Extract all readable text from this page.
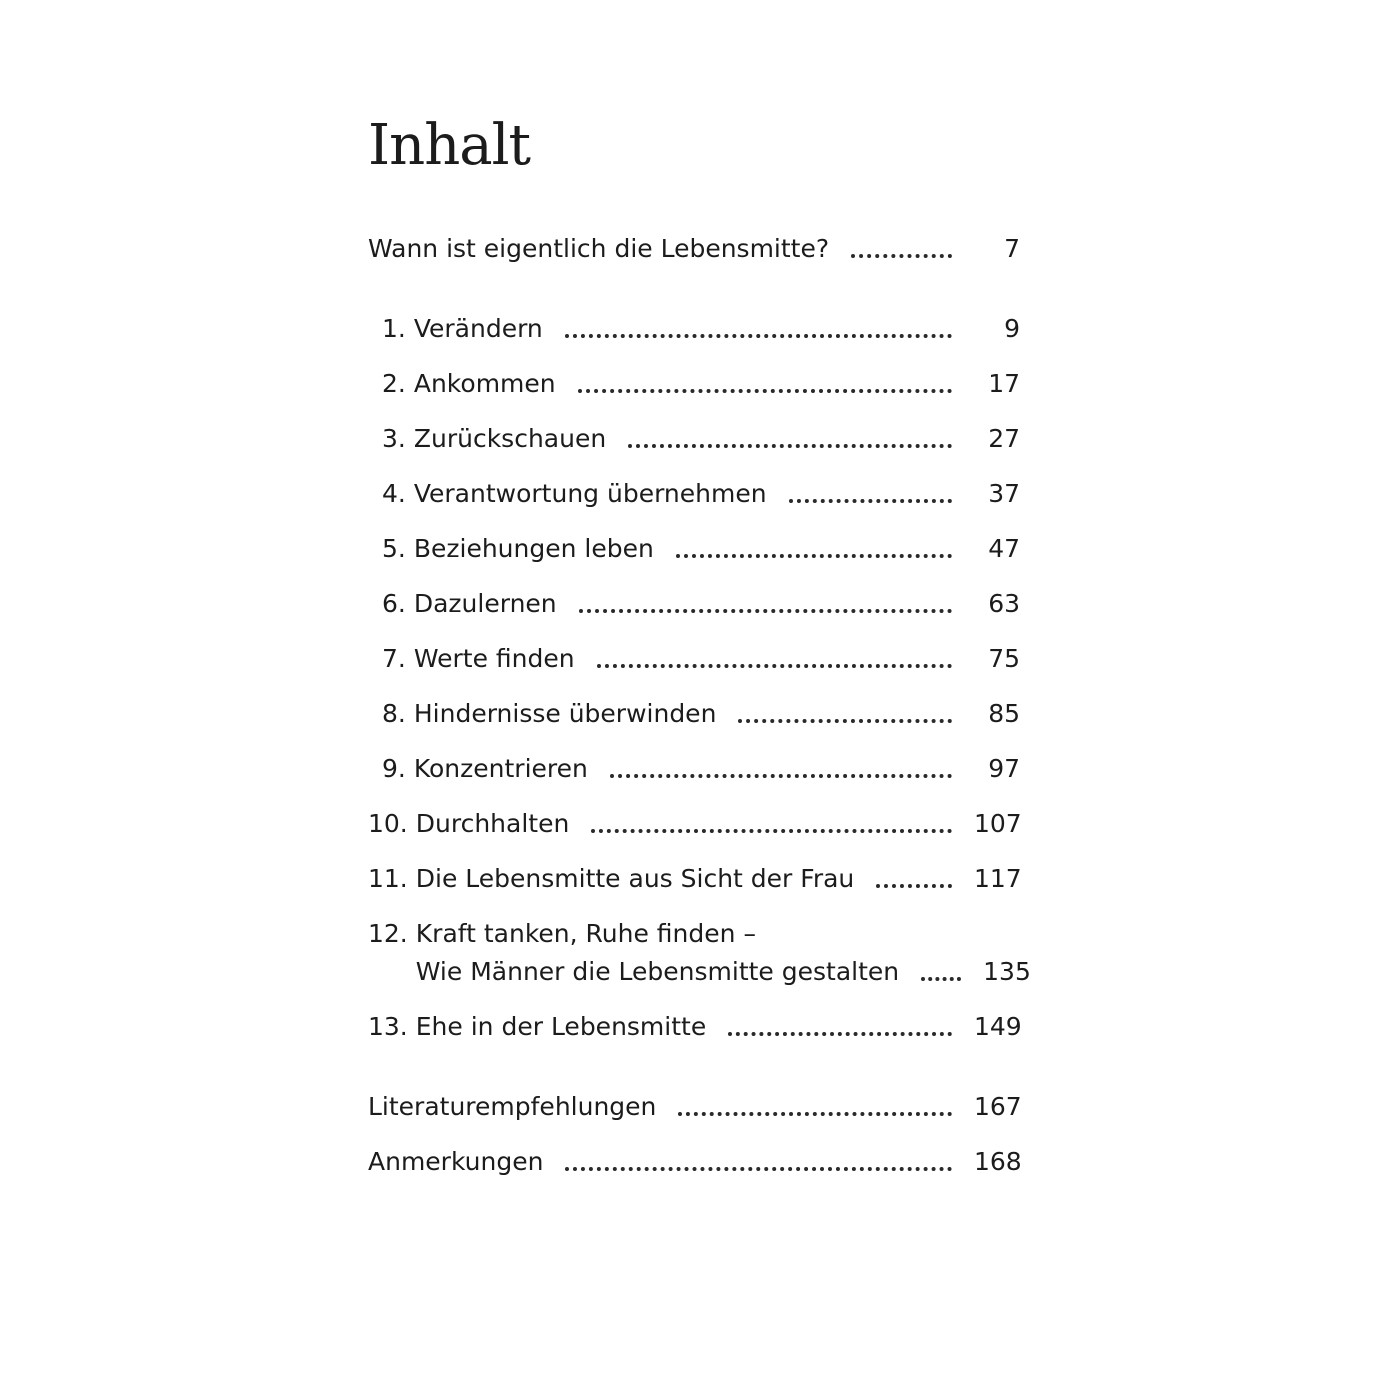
Inhalt
Wann ist eigentlich die Lebensmitte?	7
1. Verändern	9
2. Ankommen	17
3. Zurückschauen	27
4. Verantwortung übernehmen	37
5. Beziehungen leben	47
6. Dazulernen	63
7. Werte finden	75
8. Hindernisse überwinden	85
9. Konzentrieren	97
10. Durchhalten	107
11. Die Lebensmitte aus Sicht der Frau	117
12. Kraft tanken, Ruhe finden –
Wie Männer die Lebensmitte gestalten	135
13. Ehe in der Lebensmitte	149
Literaturempfehlungen	167
Anmerkungen	168
